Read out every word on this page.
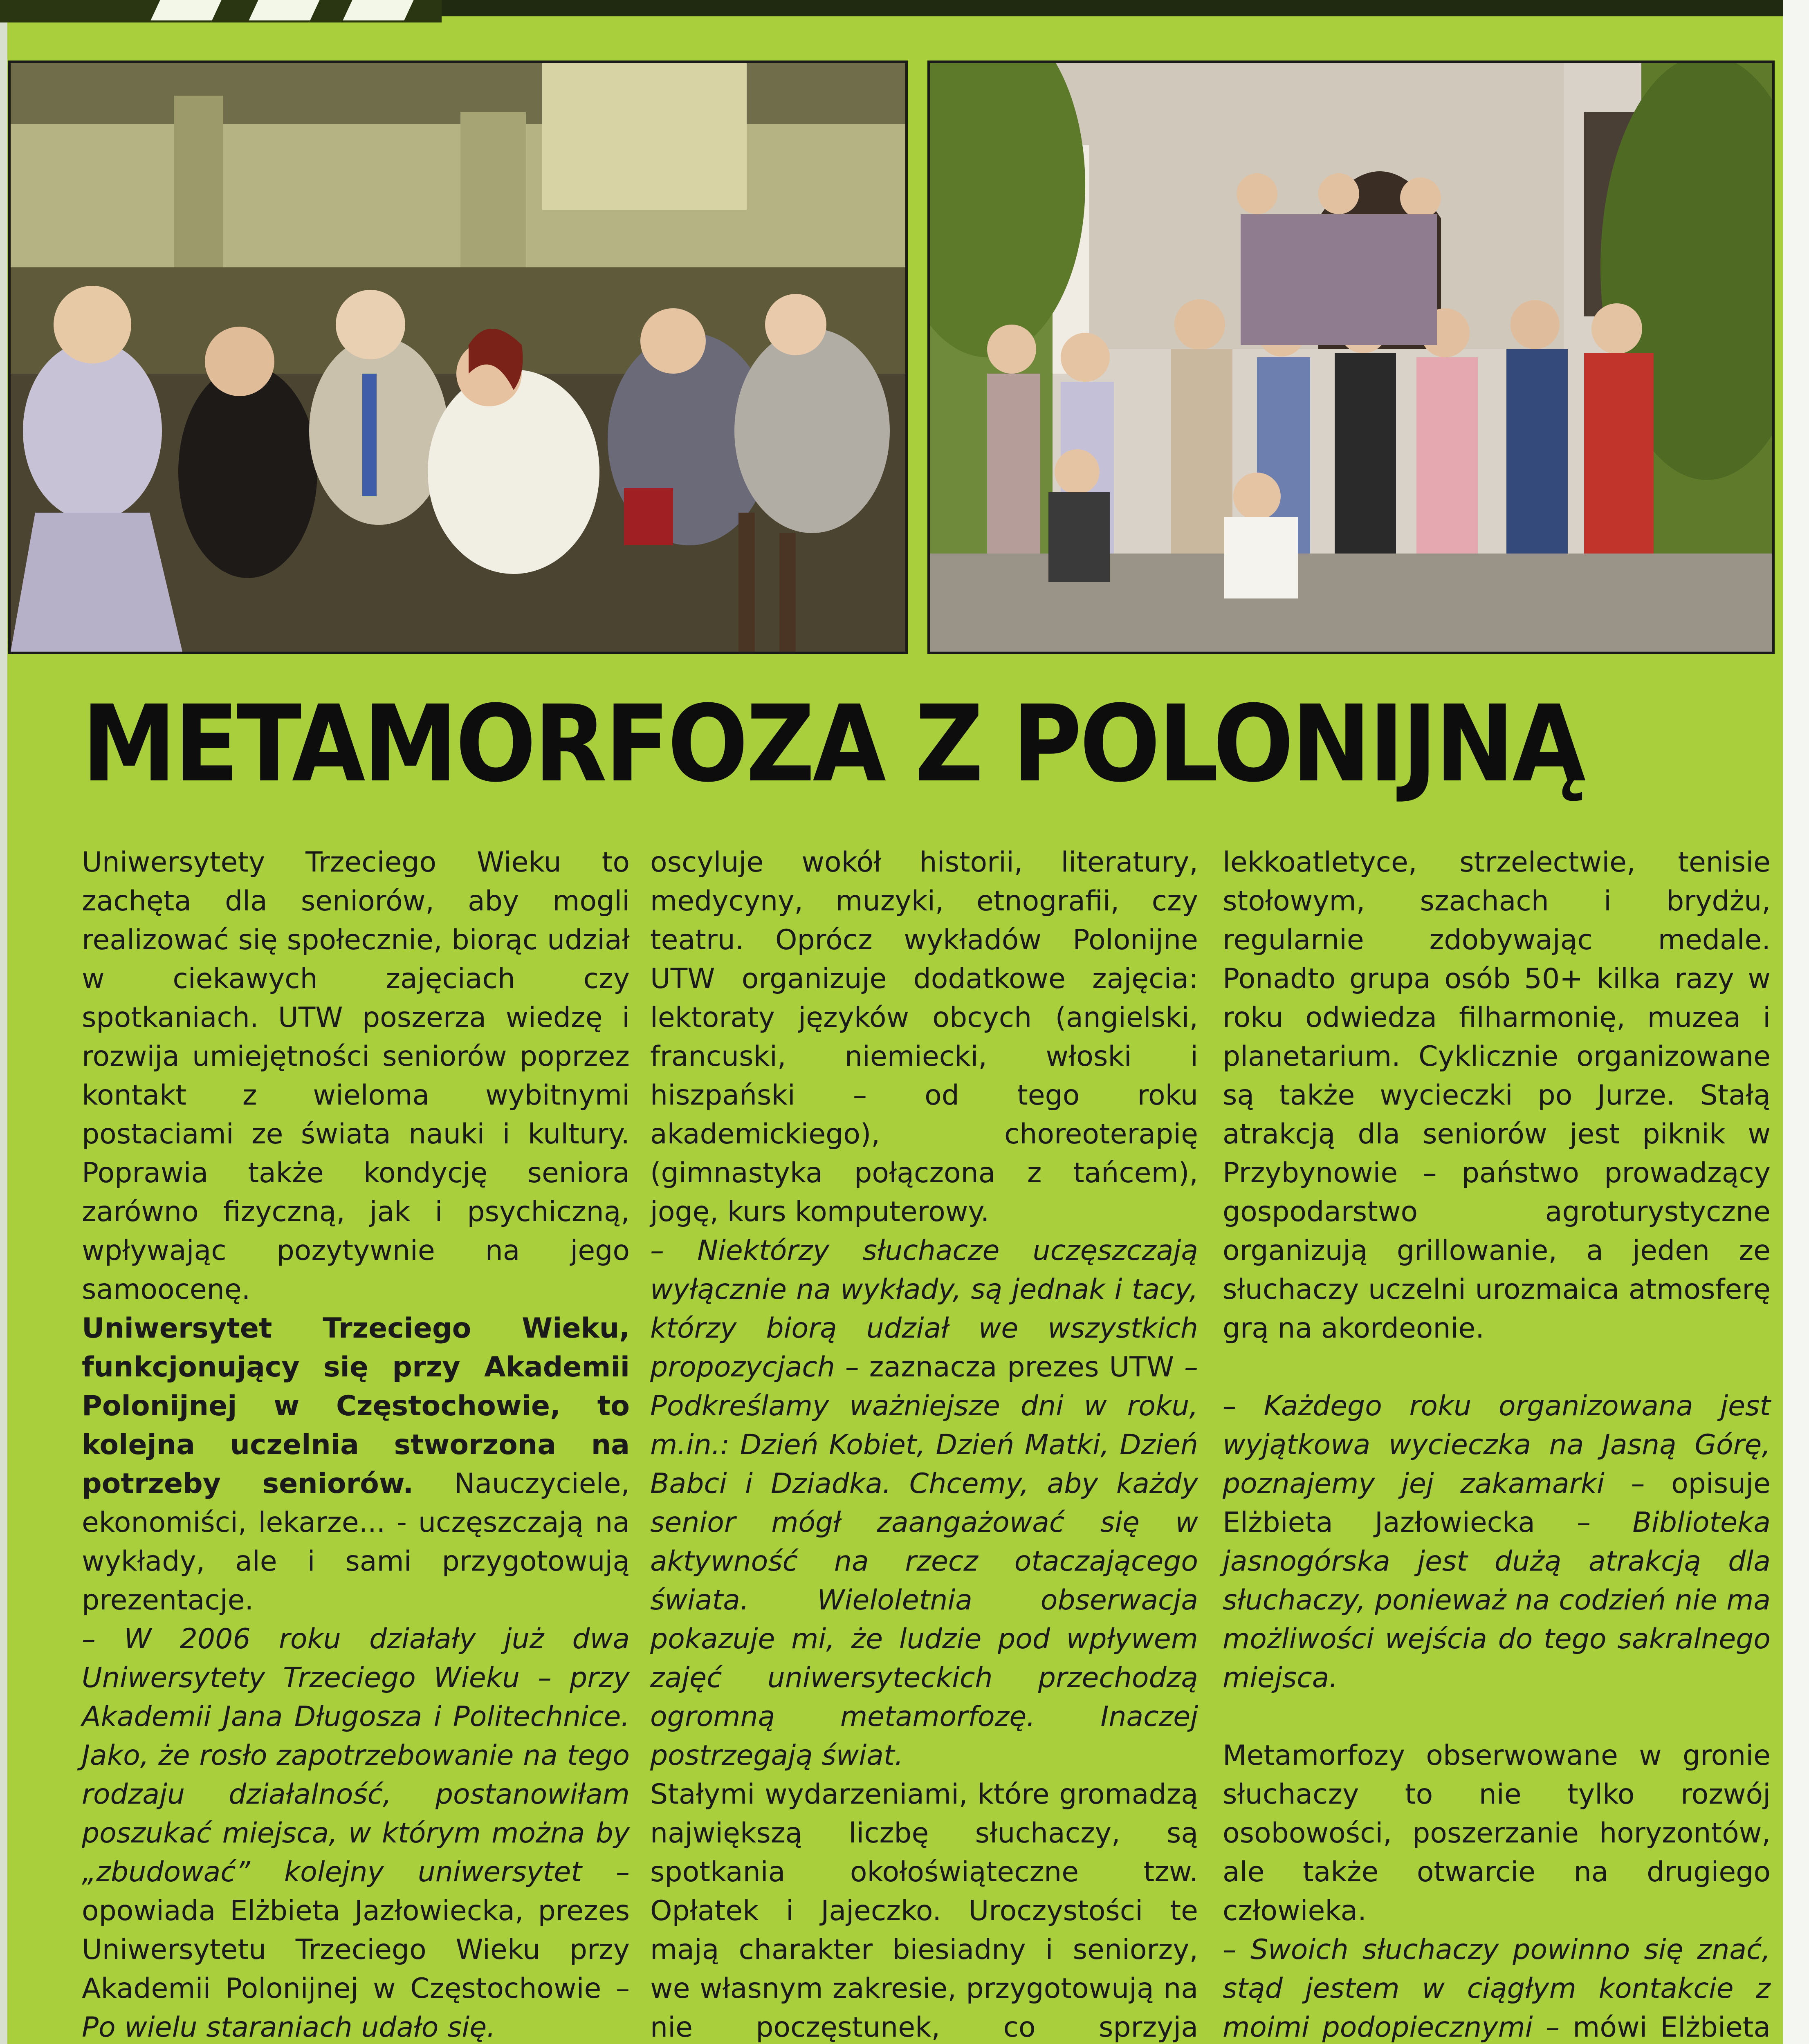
METAMORFOZA Z POLONIJNĄ

Uniwersytety Trzeciego Wieku to zachęta dla seniorów, aby mogli realizować się społecznie, biorąc udział w ciekawych zajęciach czy spotkaniach. UTW poszerza wiedzę i rozwija umiejętności seniorów poprzez kontakt z wieloma wybitnymi postaciami ze świata nauki i kultury. Poprawia także kondycję seniora zarówno fizyczną, jak i psychiczną, wpływając pozytywnie na jego samoocenę.

Uniwersytet Trzeciego Wieku, funkcjonujący się przy Akademii Polonijnej w Częstochowie, to kolejna uczelnia stworzona na potrzeby seniorów. Nauczyciele, ekonomiści, lekarze... - uczęszczają na wykłady, ale i sami przygotowują prezentacje.

– W 2006 roku działały już dwa Uniwersytety Trzeciego Wieku – przy Akademii Jana Długosza i Politechnice. Jako, że rosło zapotrzebowanie na tego rodzaju działalność, postanowiłam poszukać miejsca, w którym można by „zbudować” kolejny uniwersytet – opowiada Elżbieta Jazłowiecka, prezes Uniwersytetu Trzeciego Wieku przy Akademii Polonijnej w Częstochowie – Po wielu staraniach udało się.

oscyluje wokół historii, literatury, medycyny, muzyki, etnografii, czy teatru. Oprócz wykładów Polonijne UTW organizuje dodatkowe zajęcia: lektoraty języków obcych (angielski, francuski, niemiecki, włoski i hiszpański – od tego roku akademickiego), choreoterapię (gimnastyka połączona z tańcem), jogę, kurs komputerowy.

– Niektórzy słuchacze uczęszczają wyłącznie na wykłady, są jednak i tacy, którzy biorą udział we wszystkich propozycjach – zaznacza prezes UTW – Podkreślamy ważniejsze dni w roku, m.in.: Dzień Kobiet, Dzień Matki, Dzień Babci i Dziadka. Chcemy, aby każdy senior mógł zaangażować się w aktywność na rzecz otaczającego świata. Wieloletnia obserwacja pokazuje mi, że ludzie pod wpływem zajęć uniwersyteckich przechodzą ogromną metamorfozę. Inaczej postrzegają świat.

Stałymi wydarzeniami, które gromadzą największą liczbę słuchaczy, są spotkania okołoświąteczne tzw. Opłatek i Jajeczko. Uroczystości te mają charakter biesiadny i seniorzy, we własnym zakresie, przygotowują na nie poczęstunek, co sprzyja

lekkoatletyce, strzelectwie, tenisie stołowym, szachach i brydżu, regularnie zdobywając medale. Ponadto grupa osób 50+ kilka razy w roku odwiedza filharmonię, muzea i planetarium. Cyklicznie organizowane są także wycieczki po Jurze. Stałą atrakcją dla seniorów jest piknik w Przybynowie – państwo prowadzący gospodarstwo agroturystyczne organizują grillowanie, a jeden ze słuchaczy uczelni urozmaica atmosferę grą na akordeonie.

– Każdego roku organizowana jest wyjątkowa wycieczka na Jasną Górę, poznajemy jej zakamarki – opisuje Elżbieta Jazłowiecka – Biblioteka jasnogórska jest dużą atrakcją dla słuchaczy, ponieważ na codzień nie ma możliwości wejścia do tego sakralnego miejsca.

Metamorfozy obserwowane w gronie słuchaczy to nie tylko rozwój osobowości, poszerzanie horyzontów, ale także otwarcie na drugiego człowieka.

– Swoich słuchaczy powinno się znać, stąd jestem w ciągłym kontakcie z moimi podopiecznymi – mówi Elżbieta
